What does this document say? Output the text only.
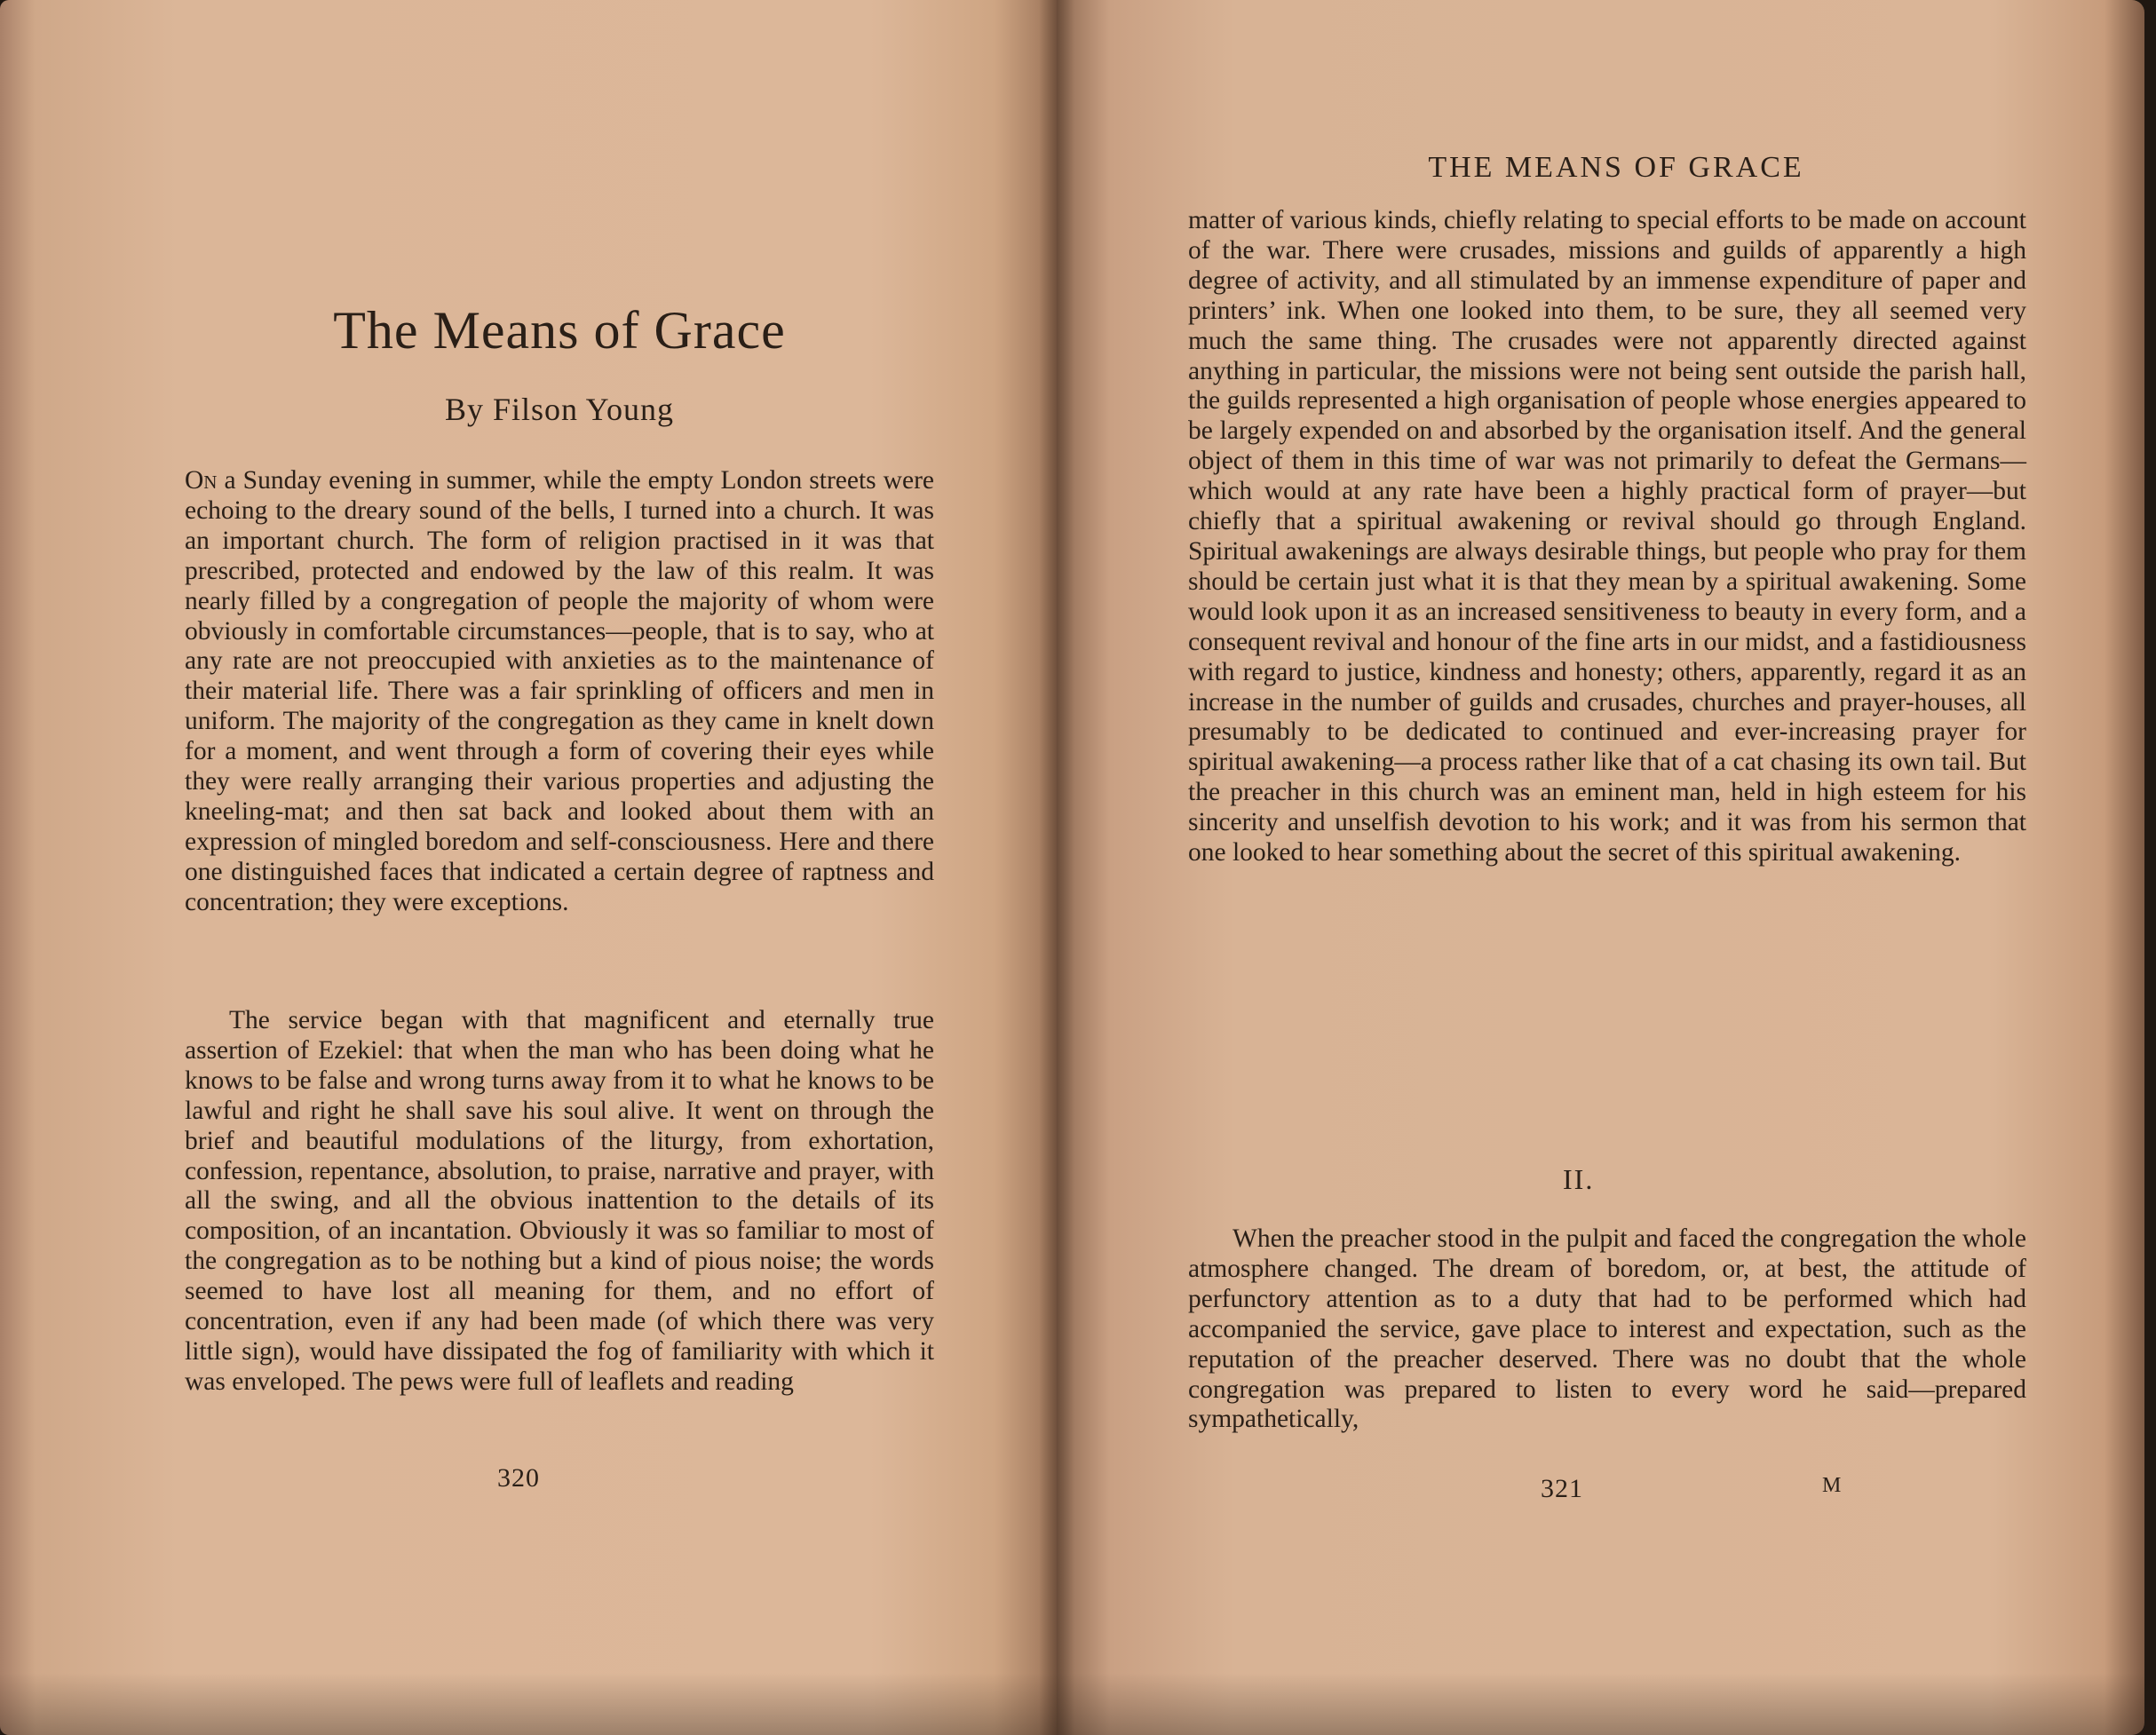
The Means of Grace
By Filson Young

On a Sunday evening in summer, while the empty London streets were echoing to the dreary sound of the bells, I turned into a church. It was an important church. The form of religion practised in it was that prescribed, protected and endowed by the law of this realm. It was nearly filled by a congregation of people the majority of whom were obviously in comfortable circumstances—people, that is to say, who at any rate are not preoccupied with anxieties as to the maintenance of their material life. There was a fair sprinkling of officers and men in uniform. The majority of the congregation as they came in knelt down for a moment, and went through a form of covering their eyes while they were really arranging their various properties and adjusting the kneeling-mat; and then sat back and looked about them with an expression of mingled boredom and self-consciousness. Here and there one distinguished faces that indicated a certain degree of raptness and concentration; they were exceptions.

The service began with that magnificent and eternally true assertion of Ezekiel: that when the man who has been doing what he knows to be false and wrong turns away from it to what he knows to be lawful and right he shall save his soul alive. It went on through the brief and beautiful modulations of the liturgy, from exhortation, confession, repentance, absolution, to praise, narrative and prayer, with all the swing, and all the obvious inattention to the details of its composition, of an incantation. Obviously it was so familiar to most of the congregation as to be nothing but a kind of pious noise; the words seemed to have lost all meaning for them, and no effort of concentration, even if any had been made (of which there was very little sign), would have dissipated the fog of familiarity with which it was enveloped. The pews were full of leaflets and reading

320
THE MEANS OF GRACE

matter of various kinds, chiefly relating to special efforts to be made on account of the war. There were crusades, missions and guilds of apparently a high degree of activity, and all stimulated by an immense expenditure of paper and printers’ ink. When one looked into them, to be sure, they all seemed very much the same thing. The crusades were not apparently directed against anything in particular, the missions were not being sent outside the parish hall, the guilds represented a high organisation of people whose energies appeared to be largely expended on and absorbed by the organisation itself. And the general object of them in this time of war was not primarily to defeat the Germans—which would at any rate have been a highly practical form of prayer—but chiefly that a spiritual awakening or revival should go through England. Spiritual awakenings are always desirable things, but people who pray for them should be certain just what it is that they mean by a spiritual awakening. Some would look upon it as an increased sensitiveness to beauty in every form, and a consequent revival and honour of the fine arts in our midst, and a fastidiousness with regard to justice, kindness and honesty; others, apparently, regard it as an increase in the number of guilds and crusades, churches and prayer-houses, all presumably to be dedicated to continued and ever-increasing prayer for spiritual awakening—a process rather like that of a cat chasing its own tail. But the preacher in this church was an eminent man, held in high esteem for his sincerity and unselfish devotion to his work; and it was from his sermon that one looked to hear something about the secret of this spiritual awakening.

II.

When the preacher stood in the pulpit and faced the congregation the whole atmosphere changed. The dream of boredom, or, at best, the attitude of perfunctory attention as to a duty that had to be performed which had accompanied the service, gave place to interest and expectation, such as the reputation of the preacher deserved. There was no doubt that the whole congregation was prepared to listen to every word he said—prepared sympathetically,

321	M
